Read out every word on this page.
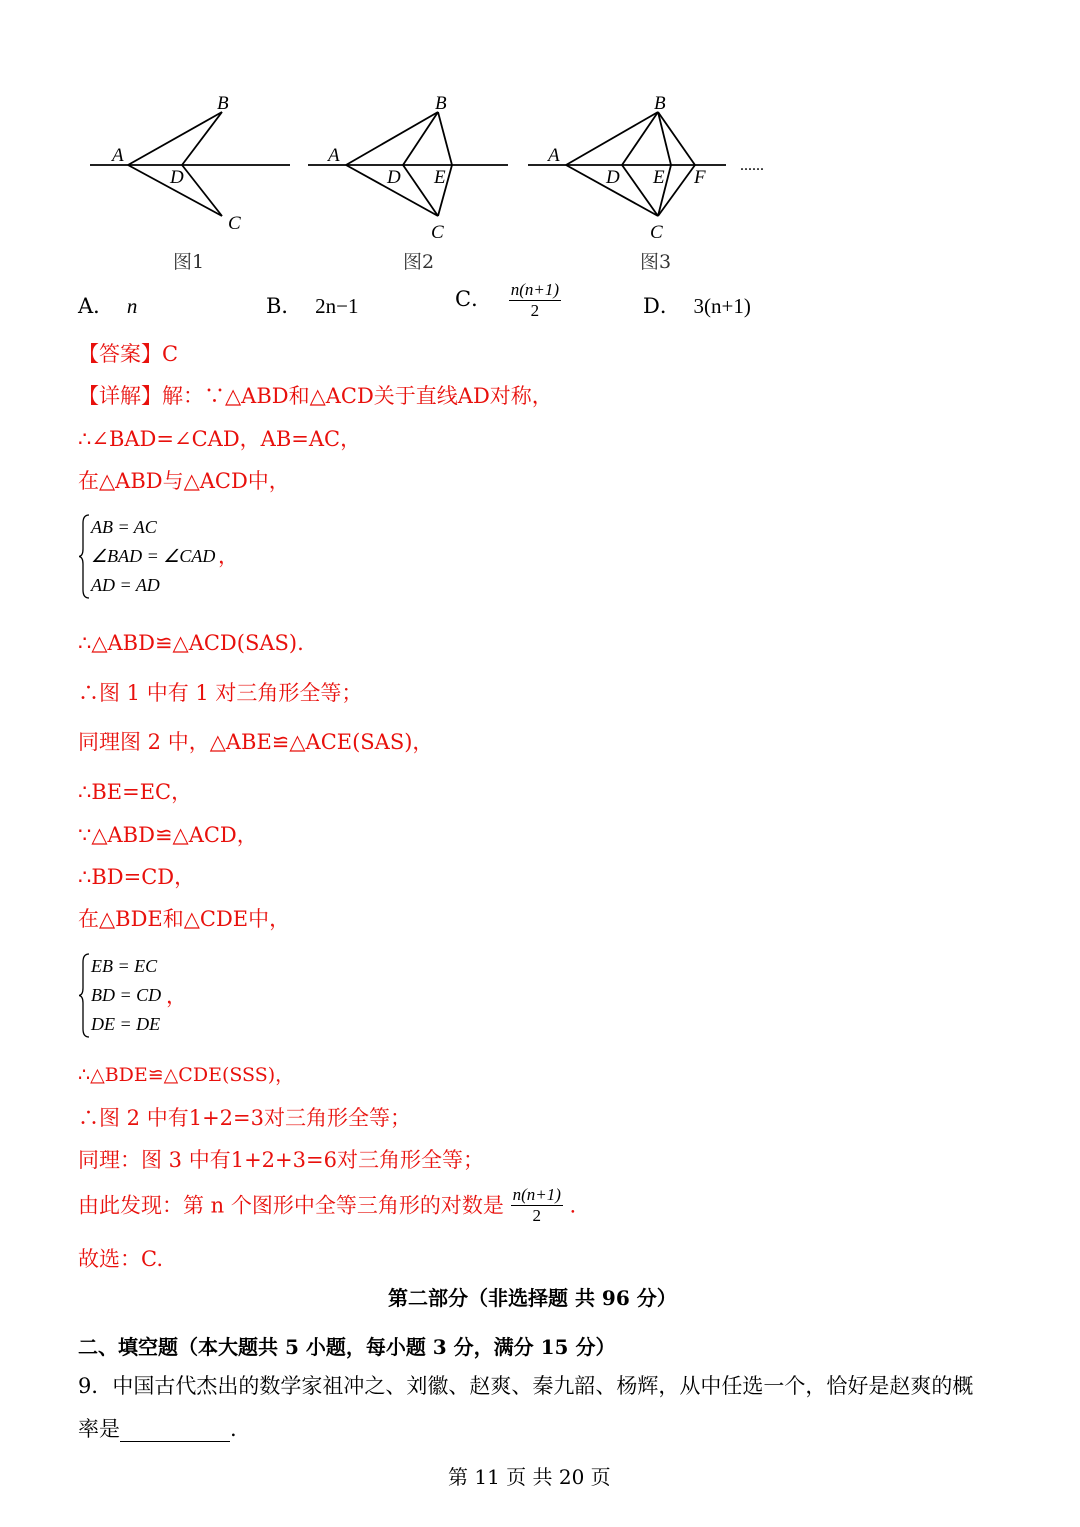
A
B
D
C
图1
A
B
D E
C
图2
A
B
D E F
C
......
图3
A． n	B． 2n−1	C． $\frac{n(n+1)}{2}$	D． 3(n+1)
【答案】C
【详解】解：∵△ABD和△ACD关于直线AD对称，
∴∠BAD=∠CAD，AB=AC，
在△ABD与△ACD中，
AB = AC
∠BAD = ∠CAD
AD = AD
，
∴△ABD≌△ACD(SAS).
∴图 1 中有 1 对三角形全等；
同理图 2 中，△ABE≌△ACE(SAS)，
∴BE=EC，
∵△ABD≌△ACD，
∴BD=CD，
在△BDE和△CDE中，
EB = EC
BD = CD
DE = DE
，
∴△BDE≌△CDE(SSS)，
∴图 2 中有1+2=3对三角形全等；
同理：图 3 中有1+2+3=6对三角形全等；
由此发现：第 n 个图形中全等三角形的对数是 $\frac{n(n+1)}{2}$ .
故选：C.
第二部分（非选择题 共 96 分）
二、填空题（本大题共 5 小题，每小题 3 分，满分 15 分）
9．中国古代杰出的数学家祖冲之、刘徽、赵爽、秦九韶、杨辉，从中任选一个，恰好是赵爽的概
率是	.
第 11 页 共 20 页
